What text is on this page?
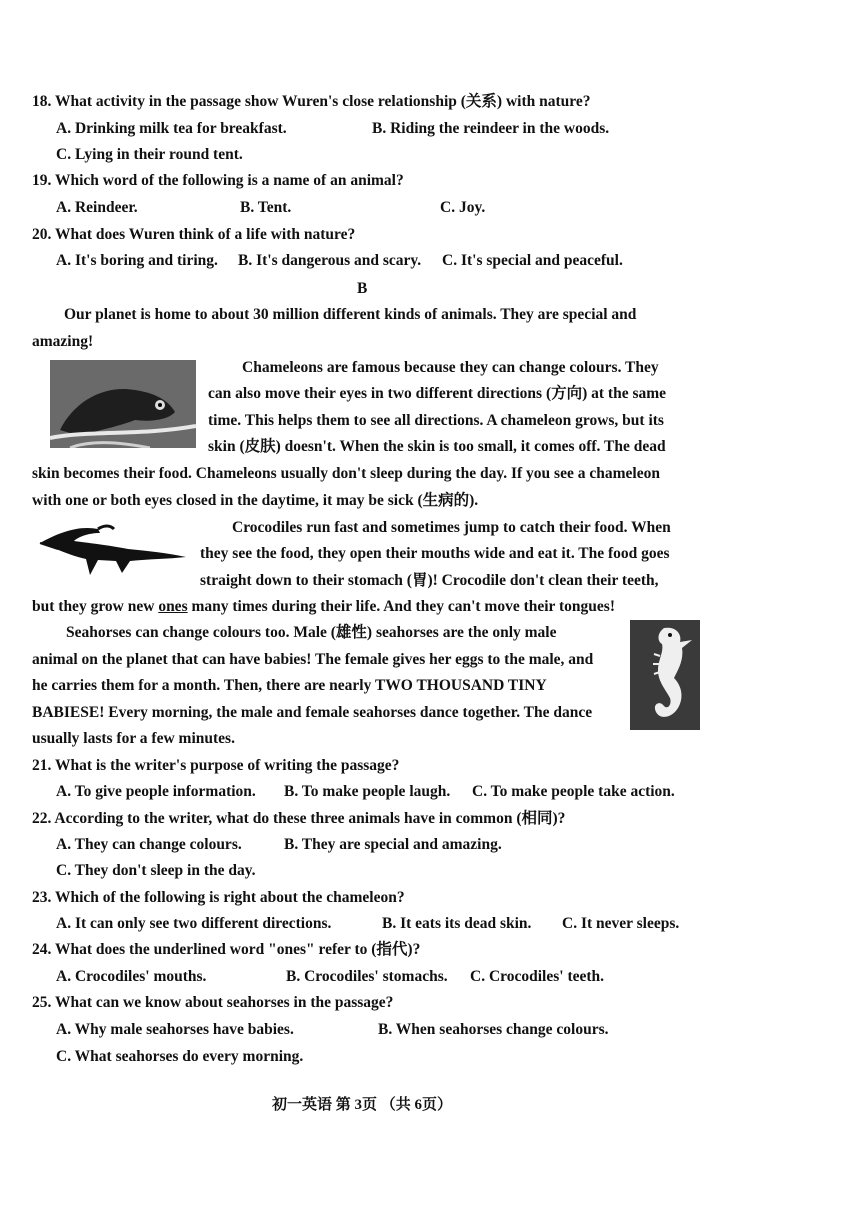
18. What activity in the passage show Wuren's close relationship (关系) with nature?
A. Drinking milk tea for breakfast.	B. Riding the reindeer in the woods.
C. Lying in their round tent.
19. Which word of the following is a name of an animal?
A. Reindeer.	B. Tent.	C. Joy.
20. What does Wuren think of a life with nature?
A. It's boring and tiring. B. It's dangerous and scary. C. It's special and peaceful.
B
Our planet is home to about 30 million different kinds of animals. They are special and
amazing!
Chameleons are famous because they can change colours. They
can also move their eyes in two different directions (方向) at the same
time. This helps them to see all directions. A chameleon grows, but its
skin (皮肤) doesn't. When the skin is too small, it comes off. The dead
skin becomes their food. Chameleons usually don't sleep during the day. If you see a chameleon
with one or both eyes closed in the daytime, it may be sick (生病的).
Crocodiles run fast and sometimes jump to catch their food. When
they see the food, they open their mouths wide and eat it. The food goes
straight down to their stomach (胃)! Crocodile don't clean their teeth,
but they grow new ones many times during their life. And they can't move their tongues!
Seahorses can change colours too. Male (雄性) seahorses are the only male
animal on the planet that can have babies! The female gives her eggs to the male, and
he carries them for a month. Then, there are nearly TWO THOUSAND TINY
BABIESE! Every morning, the male and female seahorses dance together. The dance
usually lasts for a few minutes.
21. What is the writer's purpose of writing the passage?
A. To give people information. B. To make people laugh. C. To make people take action.
22. According to the writer, what do these three animals have in common (相同)?
A. They can change colours.	B. They are special and amazing.
C. They don't sleep in the day.
23. Which of the following is right about the chameleon?
A. It can only see two different directions.	B. It eats its dead skin. C. It never sleeps.
24. What does the underlined word "ones" refer to (指代)?
A. Crocodiles' mouths.	B. Crocodiles' stomachs. C. Crocodiles' teeth.
25. What can we know about seahorses in the passage?
A. Why male seahorses have babies.	B. When seahorses change colours.
C. What seahorses do every morning.
初一英语 第 3页 （共 6页）
